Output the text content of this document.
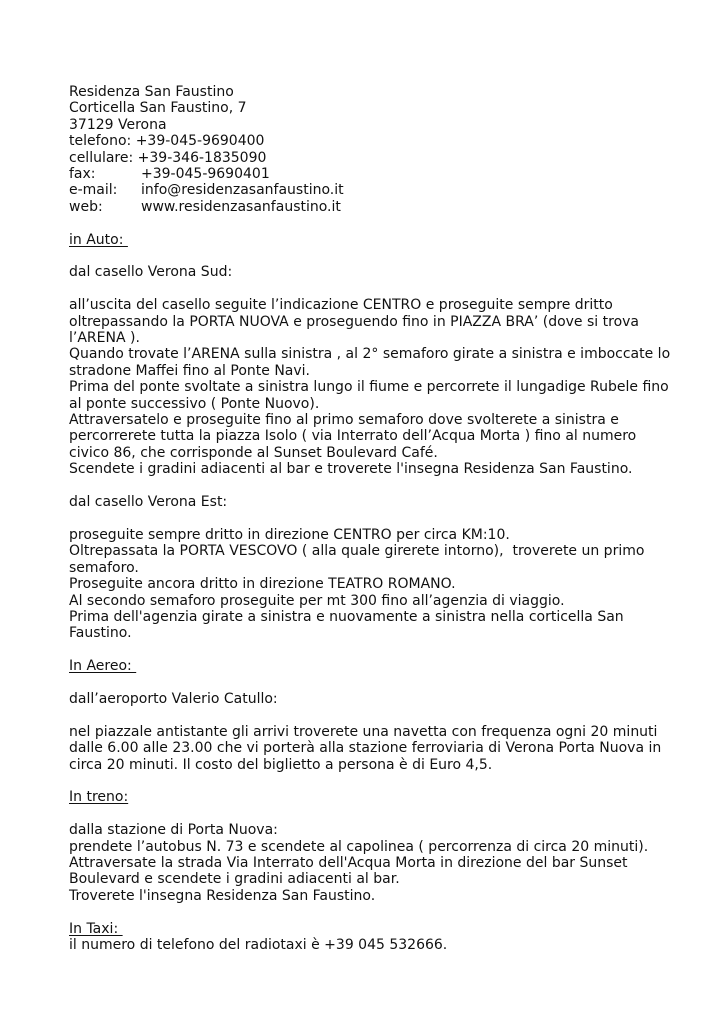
Residenza San Faustino
Corticella San Faustino, 7
37129 Verona
telefono: +39-045-9690400
cellulare: +39-346-1835090
fax:	+39-045-9690401
e-mail:	info@residenzasanfaustino.it
web:	www.residenzasanfaustino.it
in Auto:
dal casello Verona Sud:
all’uscita del casello seguite l’indicazione CENTRO e proseguite sempre dritto
oltrepassando la PORTA NUOVA e proseguendo fino in PIAZZA BRA’ (dove si trova
l’ARENA ).
Quando trovate l’ARENA sulla sinistra , al 2° semaforo girate a sinistra e imboccate lo
stradone Maffei fino al Ponte Navi.
Prima del ponte svoltate a sinistra lungo il fiume e percorrete il lungadige Rubele fino
al ponte successivo ( Ponte Nuovo).
Attraversatelo e proseguite fino al primo semaforo dove svolterete a sinistra e
percorrerete tutta la piazza Isolo ( via Interrato dell’Acqua Morta ) fino al numero
civico 86, che corrisponde al Sunset Boulevard Café.
Scendete i gradini adiacenti al bar e troverete l'insegna Residenza San Faustino.
dal casello Verona Est:
proseguite sempre dritto in direzione CENTRO per circa KM:10.
Oltrepassata la PORTA VESCOVO ( alla quale girerete intorno),  troverete un primo
semaforo.
Proseguite ancora dritto in direzione TEATRO ROMANO.
Al secondo semaforo proseguite per mt 300 fino all’agenzia di viaggio.
Prima dell'agenzia girate a sinistra e nuovamente a sinistra nella corticella San
Faustino.
In Aereo:
dall’aeroporto Valerio Catullo:
nel piazzale antistante gli arrivi troverete una navetta con frequenza ogni 20 minuti
dalle 6.00 alle 23.00 che vi porterà alla stazione ferroviaria di Verona Porta Nuova in
circa 20 minuti. Il costo del biglietto a persona è di Euro 4,5.
In treno:
dalla stazione di Porta Nuova:
prendete l’autobus N. 73 e scendete al capolinea ( percorrenza di circa 20 minuti).
Attraversate la strada Via Interrato dell'Acqua Morta in direzione del bar Sunset
Boulevard e scendete i gradini adiacenti al bar.
Troverete l'insegna Residenza San Faustino.
In Taxi:
il numero di telefono del radiotaxi è +39 045 532666.
